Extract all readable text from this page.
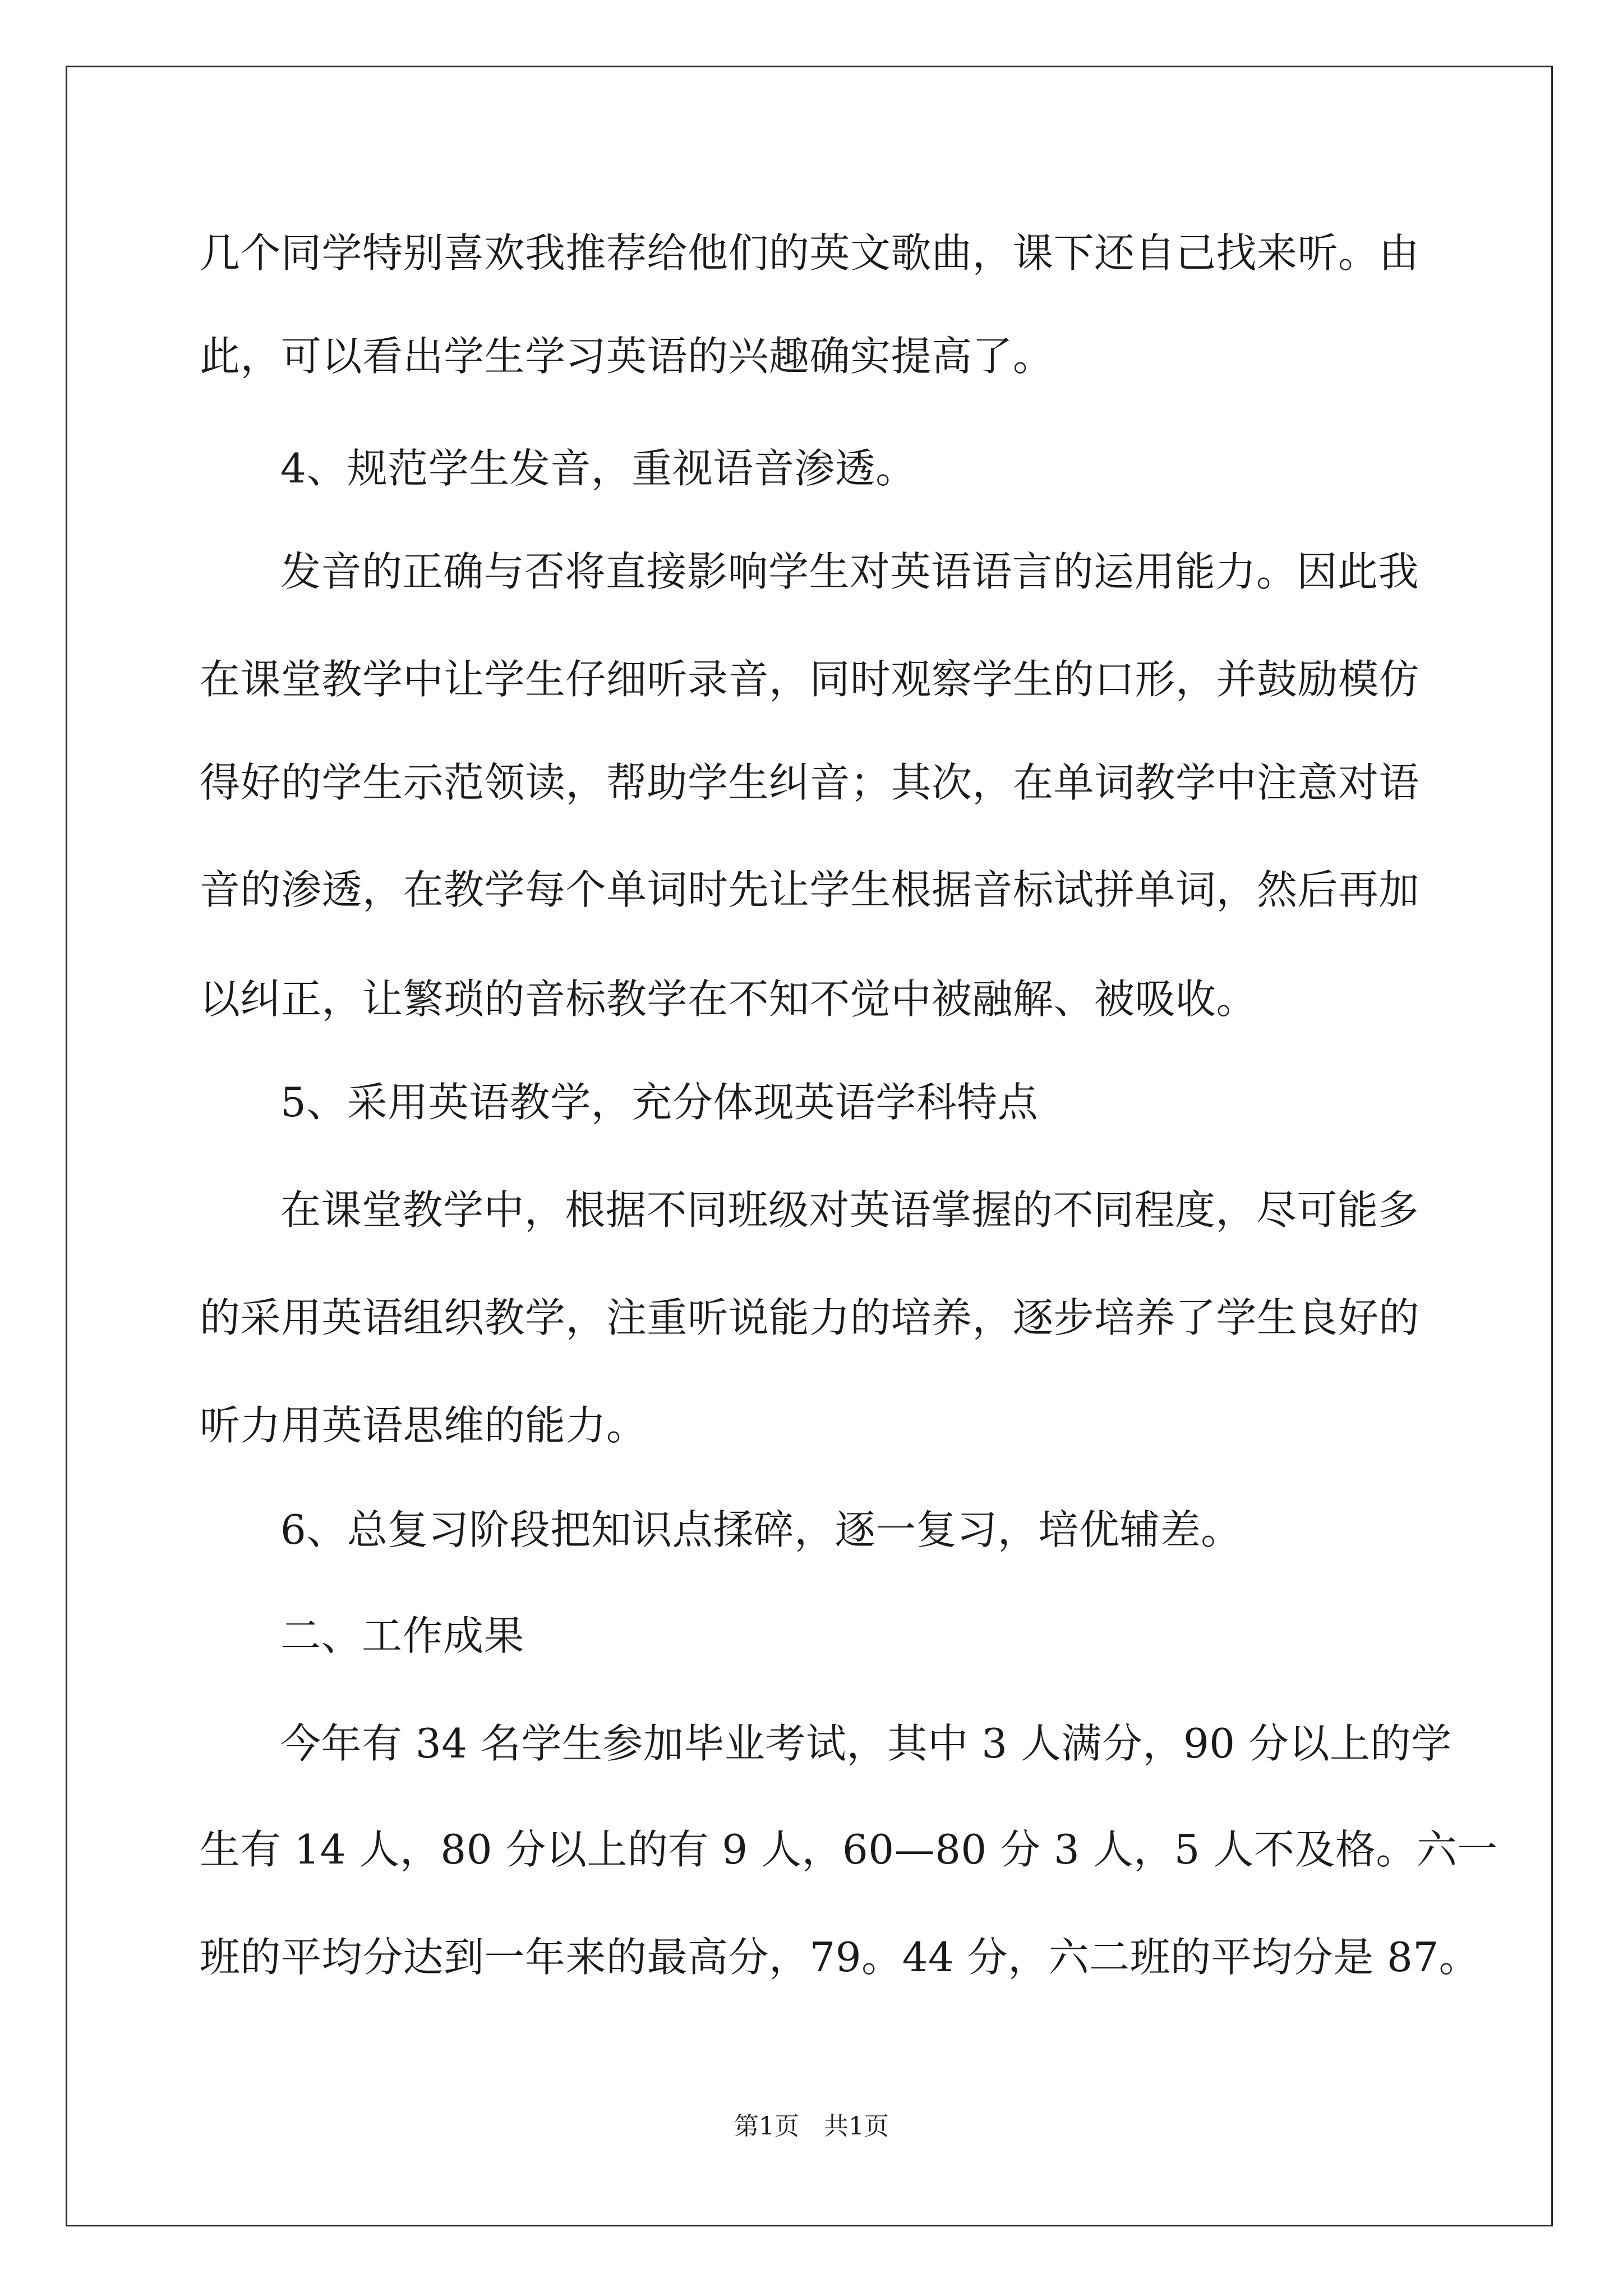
几个同学特别喜欢我推荐给他们的英文歌曲，课下还自己找来听。由
此，可以看出学生学习英语的兴趣确实提高了。
4、规范学生发音，重视语音渗透。
发音的正确与否将直接影响学生对英语语言的运用能力。因此我
在课堂教学中让学生仔细听录音，同时观察学生的口形，并鼓励模仿
得好的学生示范领读，帮助学生纠音；其次，在单词教学中注意对语
音的渗透，在教学每个单词时先让学生根据音标试拼单词，然后再加
以纠正，让繁琐的音标教学在不知不觉中被融解、被吸收。
5、采用英语教学，充分体现英语学科特点
在课堂教学中，根据不同班级对英语掌握的不同程度，尽可能多
的采用英语组织教学，注重听说能力的培养，逐步培养了学生良好的
听力用英语思维的能力。
6、总复习阶段把知识点揉碎，逐一复习，培优辅差。
二、工作成果
今年有 34 名学生参加毕业考试，其中 3 人满分，90 分以上的学
生有 14 人，80 分以上的有 9 人，60—80 分 3 人，5 人不及格。六一
班的平均分达到一年来的最高分，79。44 分，六二班的平均分是 87。
第1页 共1页
